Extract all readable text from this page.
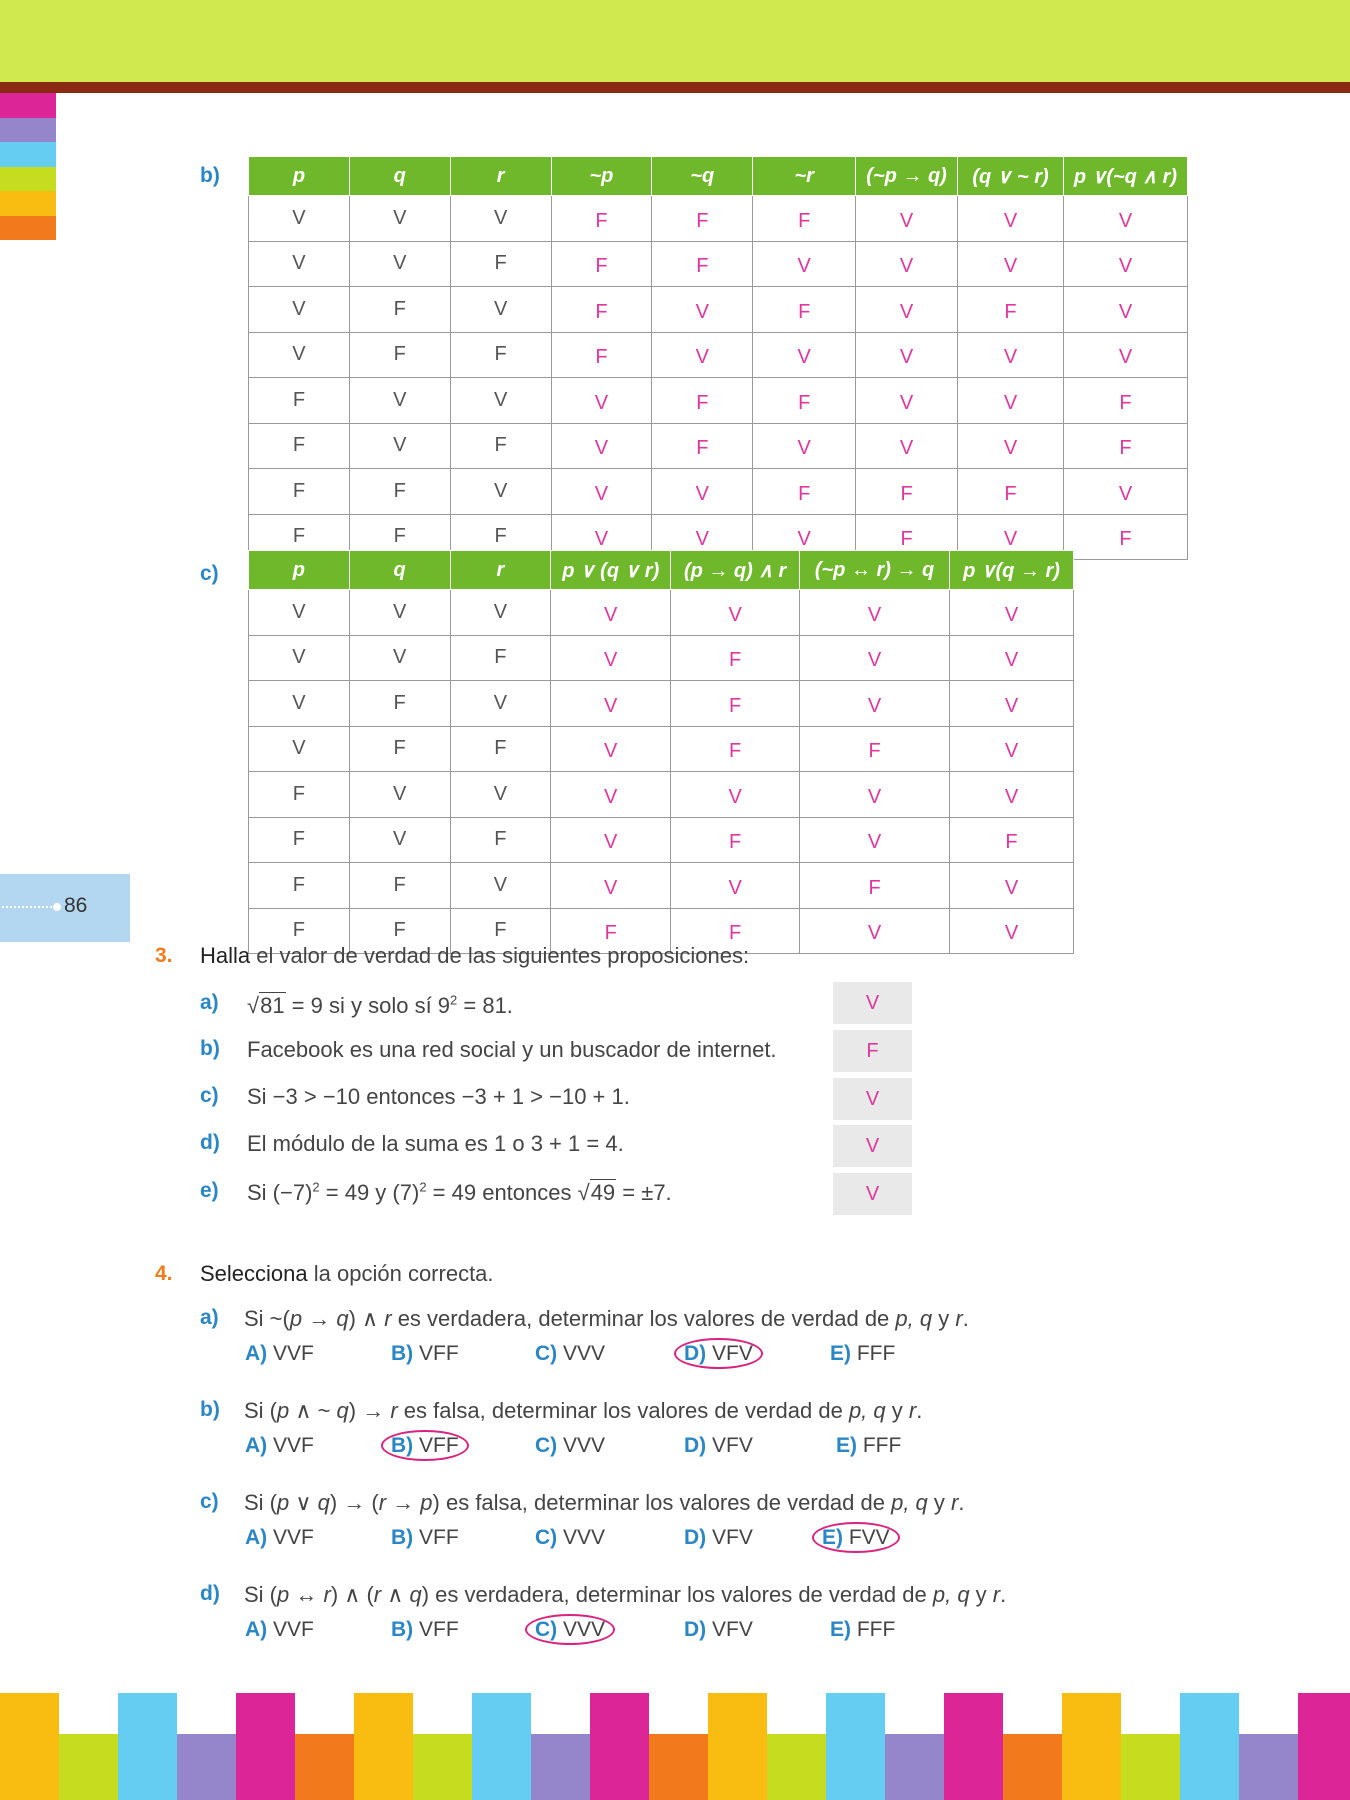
86
b)	p	q	r	~p	~q	~r	(~p → q)	(q ∨ ~ r)	p ∨(~q ∧ r)
V	V	V	F	F	F	V	V	V
V	V	F	F	F	V	V	V	V
V	F	V	F	V	F	V	F	V
V	F	F	F	V	V	V	V	V
F	V	V	V	F	F	V	V	F
F	V	F	V	F	V	V	V	F
F	F	V	V	V	F	F	F	V
F	F	F	V	V	V	F	V	F
c)	p	q	r	p ∨ (q ∨ r)	(p → q) ∧ r	(~p ↔ r) → q	p ∨(q → r)
V	V	V	V	V	V	V
V	V	F	V	F	V	V
V	F	V	V	F	V	V
V	F	F	V	F	F	V
F	V	V	V	V	V	V
F	V	F	V	F	V	F
F	F	V	V	V	F	V
F	F	F	F	F	V	V
3. Halla el valor de verdad de las siguientes proposiciones:
a) √81 = 9 si y solo sí $9^2 = 81$.	V
b) Facebook es una red social y un buscador de internet.	F
c) Si −3 > −10 entonces −3 + 1 > −10 + 1.	V
d) El módulo de la suma es 1 o 3 + 1 = 4.	V
e) Si $(-7)^2 = 49$ y $(7)^2 = 49$ entonces √49 = ±7.	V
4. Selecciona la opción correcta.
a) Si ~(p → q) ∧ r es verdadera, determinar los valores de verdad de p, q y r.
A) VVF	B) VFF	C) VVV	D) VFV	E) FFF
b) Si (p ∧ ~ q) → r es falsa, determinar los valores de verdad de p, q y r.
A) VVF	B) VFF	C) VVV	D) VFV	E) FFF
c) Si (p ∨ q) → (r → p) es falsa, determinar los valores de verdad de p, q y r.
A) VVF	B) VFF	C) VVV	D) VFV	E) FVV
d) Si (p ↔ r) ∧ (r ∧ q) es verdadera, determinar los valores de verdad de p, q y r.
A) VVF	B) VFF	C) VVV	D) VFV	E) FFF
